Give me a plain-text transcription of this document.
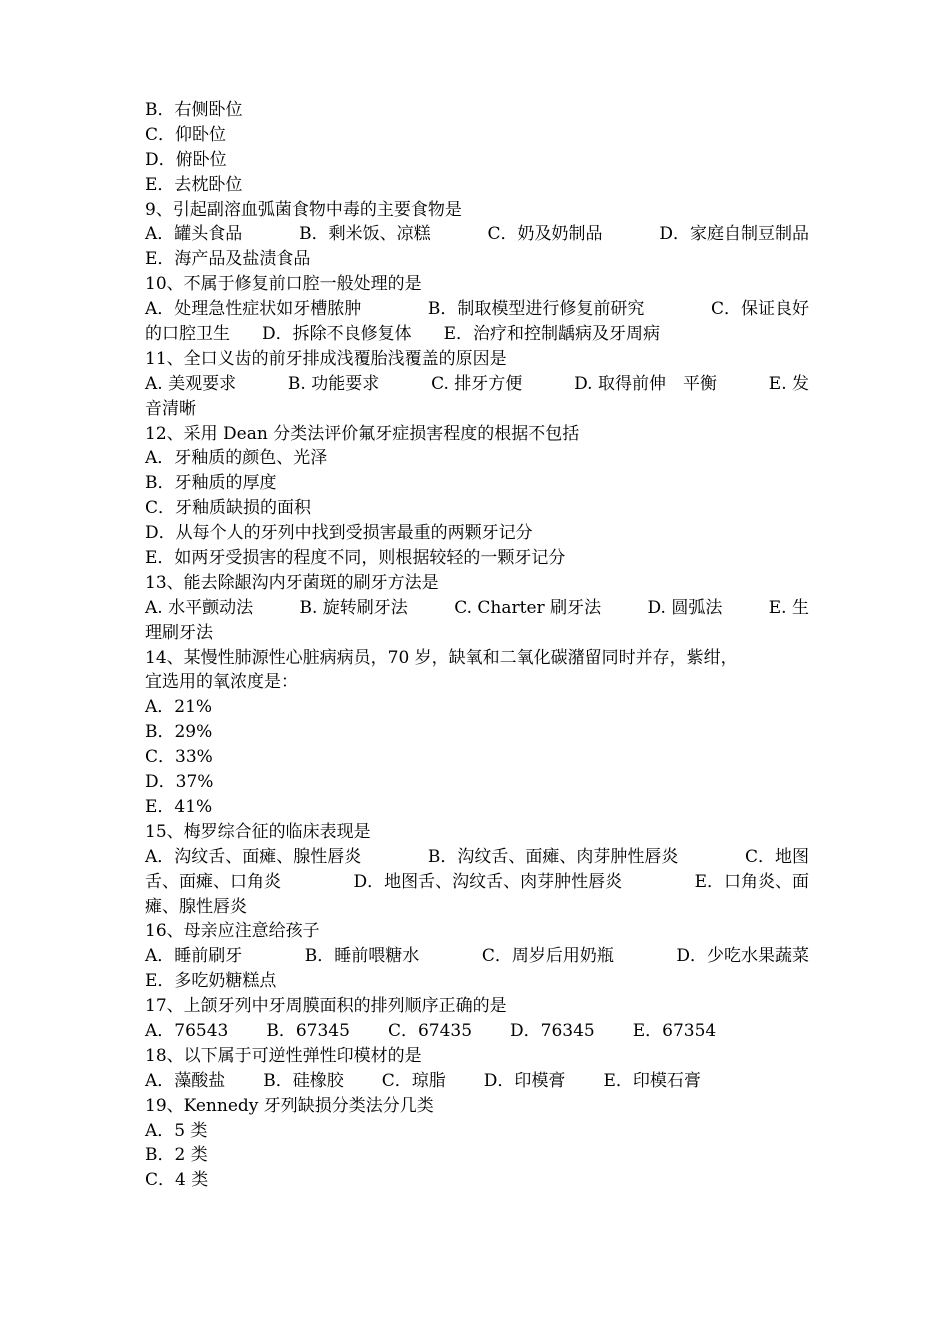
B．右侧卧位
C．仰卧位
D．俯卧位
E．去枕卧位
9、引起副溶血弧菌食物中毒的主要食物是
A．罐头食品	B．剩米饭、凉糕	C．奶及奶制品	D．家庭自制豆制品
E．海产品及盐渍食品
10、不属于修复前口腔一般处理的是
A．处理急性症状如牙槽脓肿	B．制取模型进行修复前研究	C．保证良好
的口腔卫生 D．拆除不良修复体 E．治疗和控制龋病及牙周病
11、全口义齿的前牙排成浅覆胎浅覆盖的原因是
A. 美观要求	B. 功能要求	C. 排牙方便	D. 取得前伸　平衡	E. 发
音清晰
12、采用 Dean 分类法评价氟牙症损害程度的根据不包括
A．牙釉质的颜色、光泽
B．牙釉质的厚度
C．牙釉质缺损的面积
D．从每个人的牙列中找到受损害最重的两颗牙记分
E．如两牙受损害的程度不同，则根据较轻的一颗牙记分
13、能去除龈沟内牙菌斑的刷牙方法是
A. 水平颤动法	B. 旋转刷牙法	C. Charter 刷牙法	D. 圆弧法	E. 生
理刷牙法
14、某慢性肺源性心脏病病员，70 岁，缺氧和二氧化碳潴留同时并存，紫绀，
宜选用的氧浓度是：
A．21%
B．29%
C．33%
D．37%
E．41%
15、梅罗综合征的临床表现是
A．沟纹舌、面瘫、腺性唇炎	B．沟纹舌、面瘫、肉芽肿性唇炎	C．地图
舌、面瘫、口角炎	D．地图舌、沟纹舌、肉芽肿性唇炎	E．口角炎、面
瘫、腺性唇炎
16、母亲应注意给孩子
A．睡前刷牙	B．睡前喂糖水	C．周岁后用奶瓶	D．少吃水果蔬菜
E．多吃奶糖糕点
17、上颌牙列中牙周膜面积的排列顺序正确的是
A．76543 B．67345 C．67435 D．76345 E．67354
18、以下属于可逆性弹性印模材的是
A．藻酸盐 B．硅橡胶 C．琼脂 D．印模膏 E．印模石膏
19、Kennedy 牙列缺损分类法分几类
A．5 类
B．2 类
C．4 类
